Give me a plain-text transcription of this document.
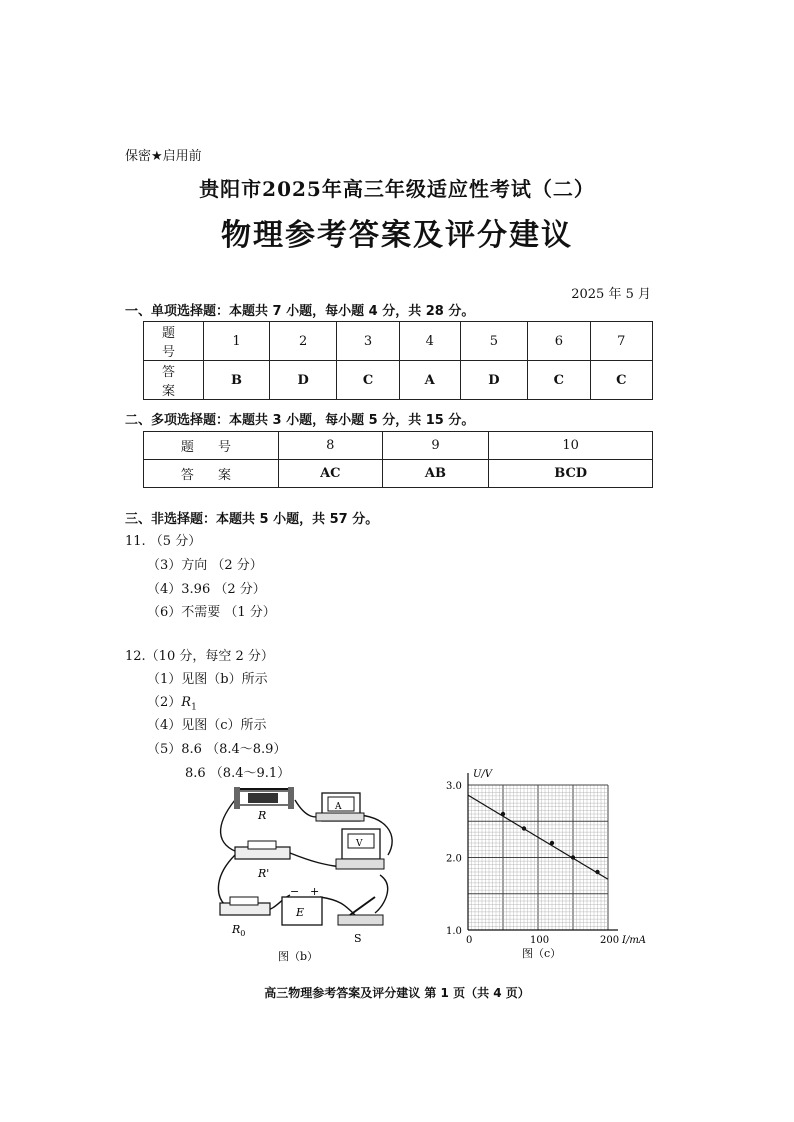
保密★启用前
贵阳市2025年高三年级适应性考试（二）
物理参考答案及评分建议
2025 年 5 月
一、单项选择题：本题共 7 小题，每小题 4 分，共 28 分。
题 号	1	2	3	4	5	6	7
答 案	B	D	C	A	D	C	C
二、多项选择题：本题共 3 小题，每小题 5 分，共 15 分。
题 号	8	9	10
答 案	AC	AB	BCD
三、非选择题：本题共 5 小题，共 57 分。
11. （5 分）
（3）方向 （2 分）
（4）3.96 （2 分）
（6）不需要 （1 分）
12.（10 分，每空 2 分）
（1）见图（b）所示
$(2)R_1$
（4）见图（c）所示
（5）8.6 （8.4～8.9）
8.6 （8.4～9.1）
R
A
R'
V
$R_0$
E
− +
S
图（b）
0	100	200
1.0
2.0
3.0
I/mA
U/V
图（c）
高三物理参考答案及评分建议 第 1 页（共 4 页）
